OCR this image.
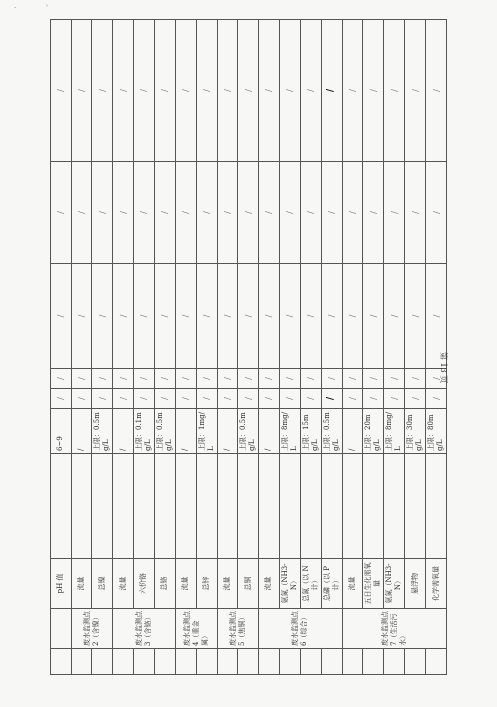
·	'
		pH 值		6~9	/	/	/	/	/	
	废水监测点 2（含镍）	流量		/	/	/	/	/	/	
		总镍		上限：0.5mg/L	/	/	/	/	/	
	废水监测点 3（含铬）	流量		/	/	/	/	/	/	
		六价铬		上限：0.1mg/L	/	/	/	/	/	
		总铬		上限：0.5mg/L	/	/	/	/	/	
	废水监测点 4（重金属）	流量		/	/	/	/	/	/	
		总锌		上限：1mg/L	/	/	/	/	/	
	废水监测点 5（焦铜）	流量		/	/	/	/	/	/	
		总铜		上限：0.5mg/L	/	/	/	/	/	
	废水监测点 6（综合）	流量		/	/	/	/	/	/	
		氨氮（NH3-N）		上限：8mg/L	/	/	/	/	/	
		总氮（以 N 计）		上限：15mg/L	/	/	/	/	/	
		总磷（以 P 计）		上限：0.5mg/L	/	/	/	/	/	
	废水监测点 7（生活污水）	流量		/	/	/	/	/	/	
		五日生化需氧量		上限：20mg/L	/	/	/	/	/	
		氨氮（NH3-N）		上限：8mg/L	/	/	/	/	/	
		悬浮物		上限：30mg/L	/	/	/	/	/	
		化学需氧量		上限：80mg/L	/	/	/	/	/	
第 13 页
